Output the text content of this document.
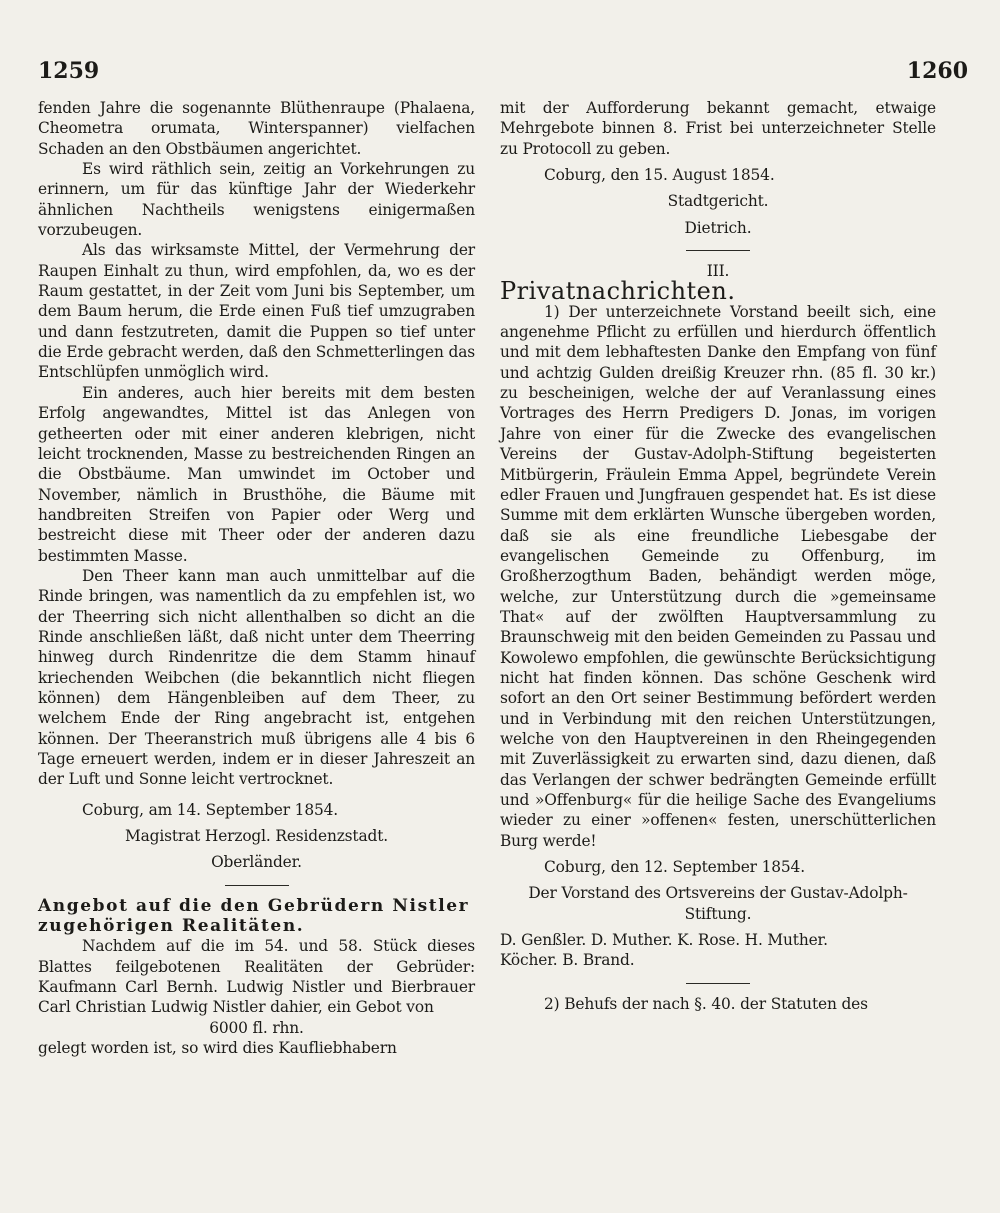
1259	1260

fenden Jahre die sogenannte Blüthenraupe (Phalaena, Cheometra orumata, Winterspanner) vielfachen Schaden an den Obstbäumen angerichtet.

Es wird räthlich sein, zeitig an Vorkehrungen zu erinnern, um für das künftige Jahr der Wiederkehr ähnlichen Nachtheils wenigstens einigermaßen vorzubeugen.

Als das wirksamste Mittel, der Vermehrung der Raupen Einhalt zu thun, wird empfohlen, da, wo es der Raum gestattet, in der Zeit vom Juni bis September, um dem Baum herum, die Erde einen Fuß tief umzugraben und dann festzutreten, damit die Puppen so tief unter die Erde gebracht werden, daß den Schmetterlingen das Entschlüpfen unmöglich wird.

Ein anderes, auch hier bereits mit dem besten Erfolg angewandtes, Mittel ist das Anlegen von getheerten oder mit einer anderen klebrigen, nicht leicht trocknenden, Masse zu bestreichenden Ringen an die Obstbäume. Man umwindet im October und November, nämlich in Brusthöhe, die Bäume mit handbreiten Streifen von Papier oder Werg und bestreicht diese mit Theer oder der anderen dazu bestimmten Masse.

Den Theer kann man auch unmittelbar auf die Rinde bringen, was namentlich da zu empfehlen ist, wo der Theerring sich nicht allenthalben so dicht an die Rinde anschließen läßt, daß nicht unter dem Theerring hinweg durch Rindenritze die dem Stamm hinauf kriechenden Weibchen (die bekanntlich nicht fliegen können) dem Hängenbleiben auf dem Theer, zu welchem Ende der Ring angebracht ist, entgehen können. Der Theeranstrich muß übrigens alle 4 bis 6 Tage erneuert werden, indem er in dieser Jahreszeit an der Luft und Sonne leicht vertrocknet.

Coburg, am 14. September 1854.

Magistrat Herzogl. Residenzstadt.

Oberländer.

Angebot auf die den Gebrüdern Nistler
zugehörigen Realitäten.

Nachdem auf die im 54. und 58. Stück dieses Blattes feilgebotenen Realitäten der Gebrüder: Kaufmann Carl Bernh. Ludwig Nistler und Bierbrauer Carl Christian Ludwig Nistler dahier, ein Gebot von

6000 fl. rhn.

gelegt worden ist, so wird dies Kaufliebhabern

mit der Aufforderung bekannt gemacht, etwaige Mehrgebote binnen 8. Frist bei unterzeichneter Stelle zu Protocoll zu geben.

Coburg, den 15. August 1854.

Stadtgericht.

Dietrich.

III.

Privatnachrichten.

1) Der unterzeichnete Vorstand beeilt sich, eine angenehme Pflicht zu erfüllen und hierdurch öffentlich und mit dem lebhaftesten Danke den Empfang von fünf und achtzig Gulden dreißig Kreuzer rhn. (85 fl. 30 kr.) zu bescheinigen, welche der auf Veranlassung eines Vortrages des Herrn Predigers D. Jonas, im vorigen Jahre von einer für die Zwecke des evangelischen Vereins der Gustav-Adolph-Stiftung begeisterten Mitbürgerin, Fräulein Emma Appel, begründete Verein edler Frauen und Jungfrauen gespendet hat. Es ist diese Summe mit dem erklärten Wunsche übergeben worden, daß sie als eine freundliche Liebesgabe der evangelischen Gemeinde zu Offenburg, im Großherzogthum Baden, behändigt werden möge, welche, zur Unterstützung durch die »gemeinsame That« auf der zwölften Hauptversammlung zu Braunschweig mit den beiden Gemeinden zu Passau und Kowolewo empfohlen, die gewünschte Berücksichtigung nicht hat finden können. Das schöne Geschenk wird sofort an den Ort seiner Bestimmung befördert werden und in Verbindung mit den reichen Unterstützungen, welche von den Hauptvereinen in den Rheingegenden mit Zuverlässigkeit zu erwarten sind, dazu dienen, daß das Verlangen der schwer bedrängten Gemeinde erfüllt und »Offenburg« für die heilige Sache des Evangeliums wieder zu einer »offenen« festen, unerschütterlichen Burg werde!

Coburg, den 12. September 1854.

Der Vorstand des Ortsvereins der Gustav-Adolph-Stiftung.

D. Genßler. D. Muther. K. Rose. H. Muther.
Köcher. B. Brand.

2) Behufs der nach §. 40. der Statuten des
